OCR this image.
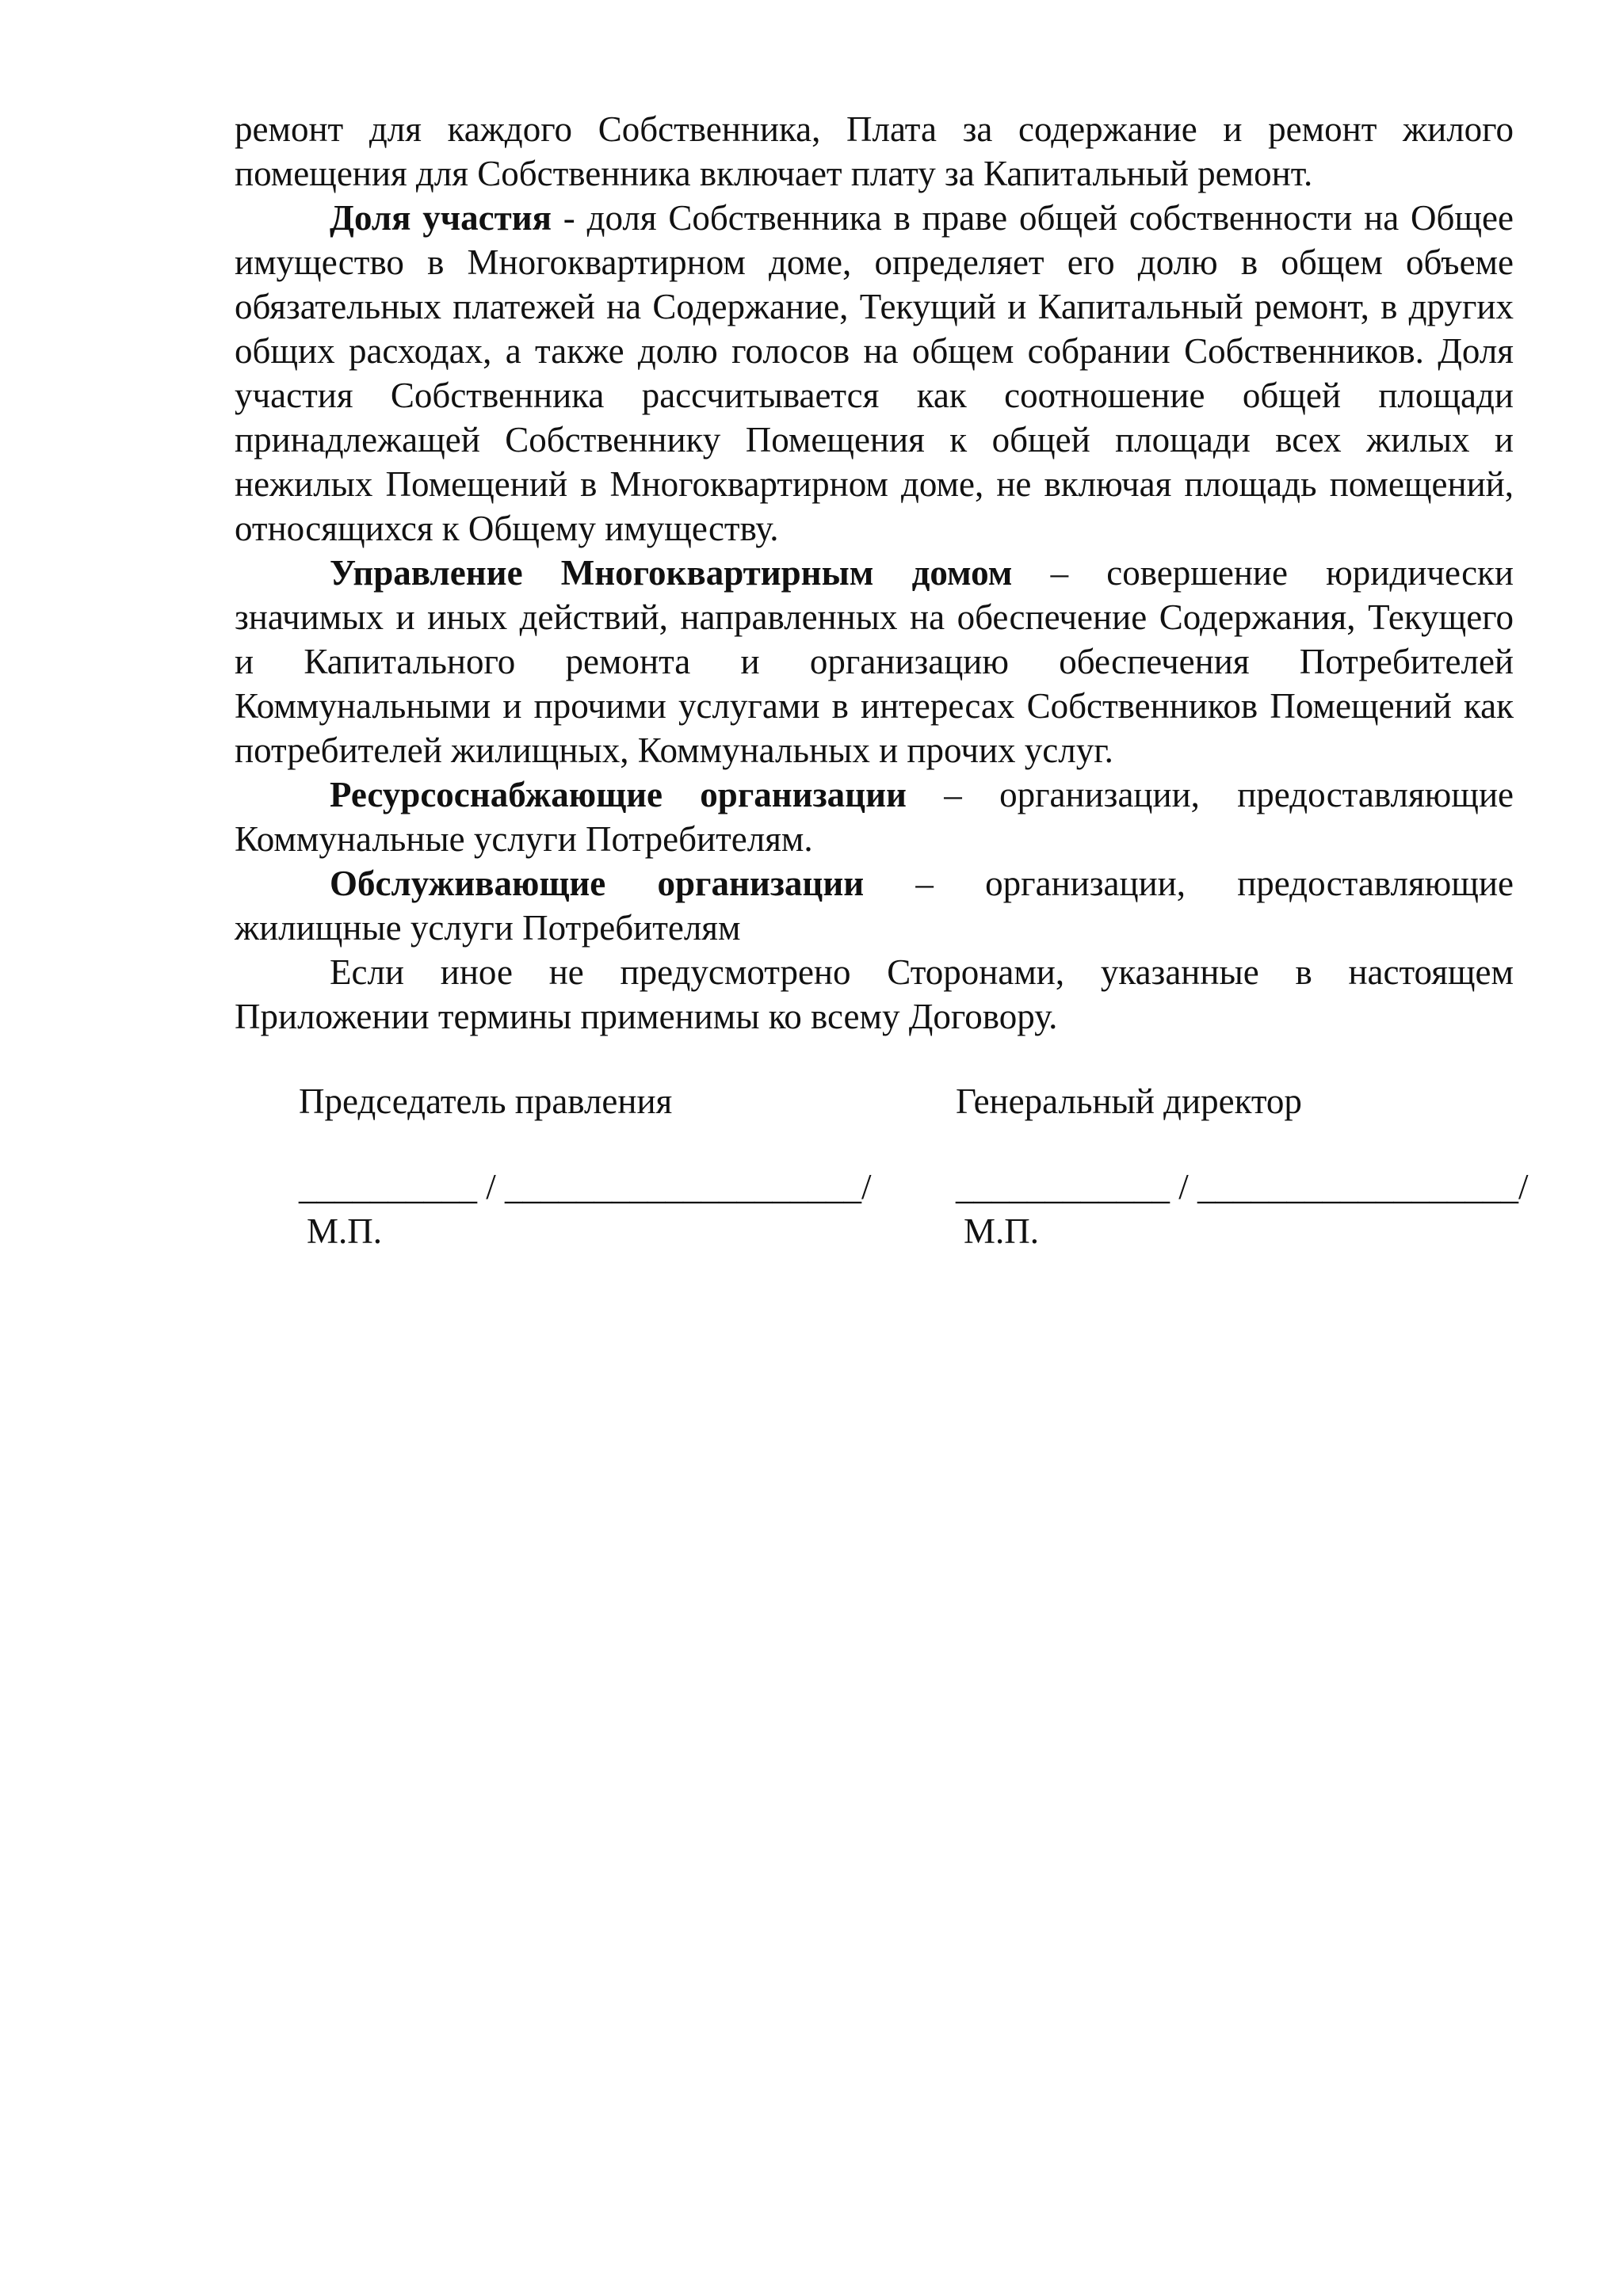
ремонт для каждого Собственника, Плата за содержание и ремонт жилого помещения для Собственника включает плату за Капитальный ремонт.

Доля участия - доля Собственника в праве общей собственности на Общее имущество в Многоквартирном доме, определяет его долю в общем объеме обязательных платежей на Содержание, Текущий и Капитальный ремонт, в других общих расходах, а также долю голосов на общем собрании Собственников. Доля участия Собственника рассчитывается как соотношение общей площади принадлежащей Собственнику Помещения к общей площади всех жилых и нежилых Помещений в Многоквартирном доме, не включая площадь помещений, относящихся к Общему имуществу.

Управление Многоквартирным домом – совершение юридически значимых и иных действий, направленных на обеспечение Содержания, Текущего и Капитального ремонта и организацию обеспечения Потребителей Коммунальными и прочими услугами в интересах Собственников Помещений как потребителей жилищных, Коммунальных и прочих услуг.

Ресурсоснабжающие организации – организации, предоставляющие Коммунальные услуги Потребителям.

Обслуживающие организации – организации, предоставляющие жилищные услуги Потребителям

Если иное не предусмотрено Сторонами, указанные в настоящем Приложении термины применимы ко всему Договору.

Председатель правления
__________ / ____________________/
М.П.
Генеральный директор
____________ / __________________/
М.П.
